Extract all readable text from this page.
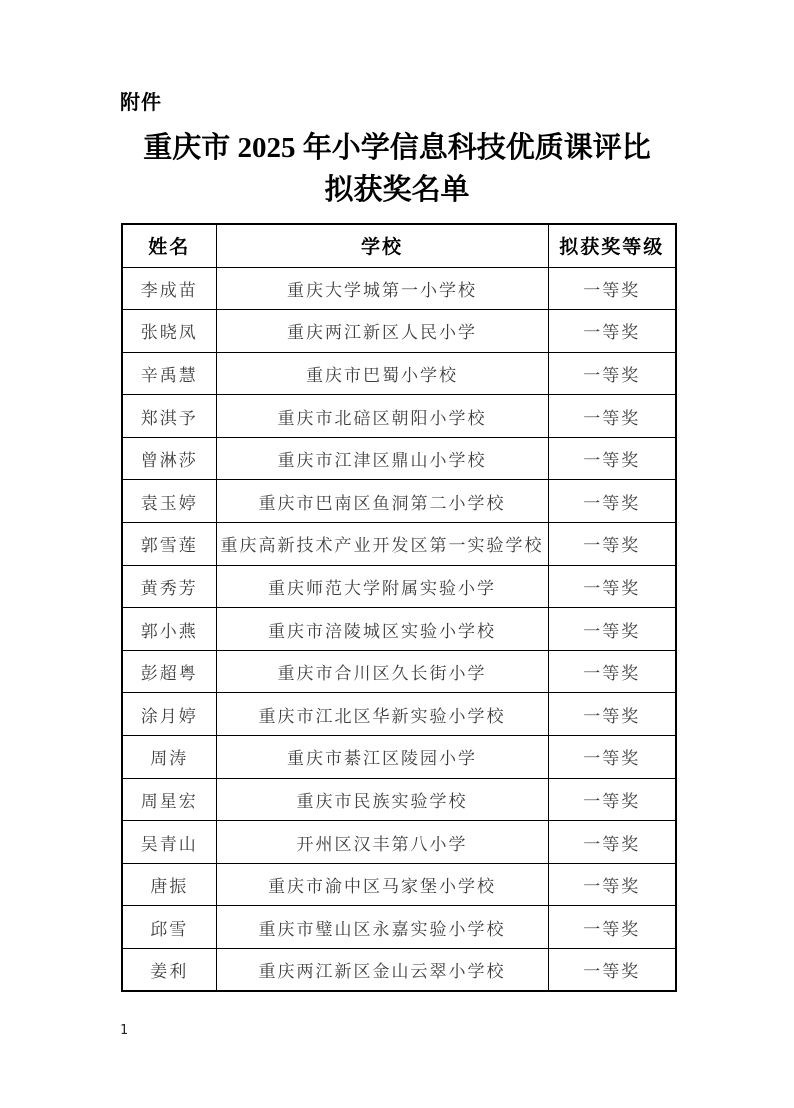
附件
重庆市 2025 年小学信息科技优质课评比
拟获奖名单
姓名	学校	拟获奖等级
李成苗	重庆大学城第一小学校	一等奖
张晓凤	重庆两江新区人民小学	一等奖
辛禹慧	重庆市巴蜀小学校	一等奖
郑淇予	重庆市北碚区朝阳小学校	一等奖
曾淋莎	重庆市江津区鼎山小学校	一等奖
袁玉婷	重庆市巴南区鱼洞第二小学校	一等奖
郭雪莲	重庆高新技术产业开发区第一实验学校	一等奖
黄秀芳	重庆师范大学附属实验小学	一等奖
郭小燕	重庆市涪陵城区实验小学校	一等奖
彭超粤	重庆市合川区久长街小学	一等奖
涂月婷	重庆市江北区华新实验小学校	一等奖
周涛	重庆市綦江区陵园小学	一等奖
周星宏	重庆市民族实验学校	一等奖
吴青山	开州区汉丰第八小学	一等奖
唐振	重庆市渝中区马家堡小学校	一等奖
邱雪	重庆市璧山区永嘉实验小学校	一等奖
姜利	重庆两江新区金山云翠小学校	一等奖
1
